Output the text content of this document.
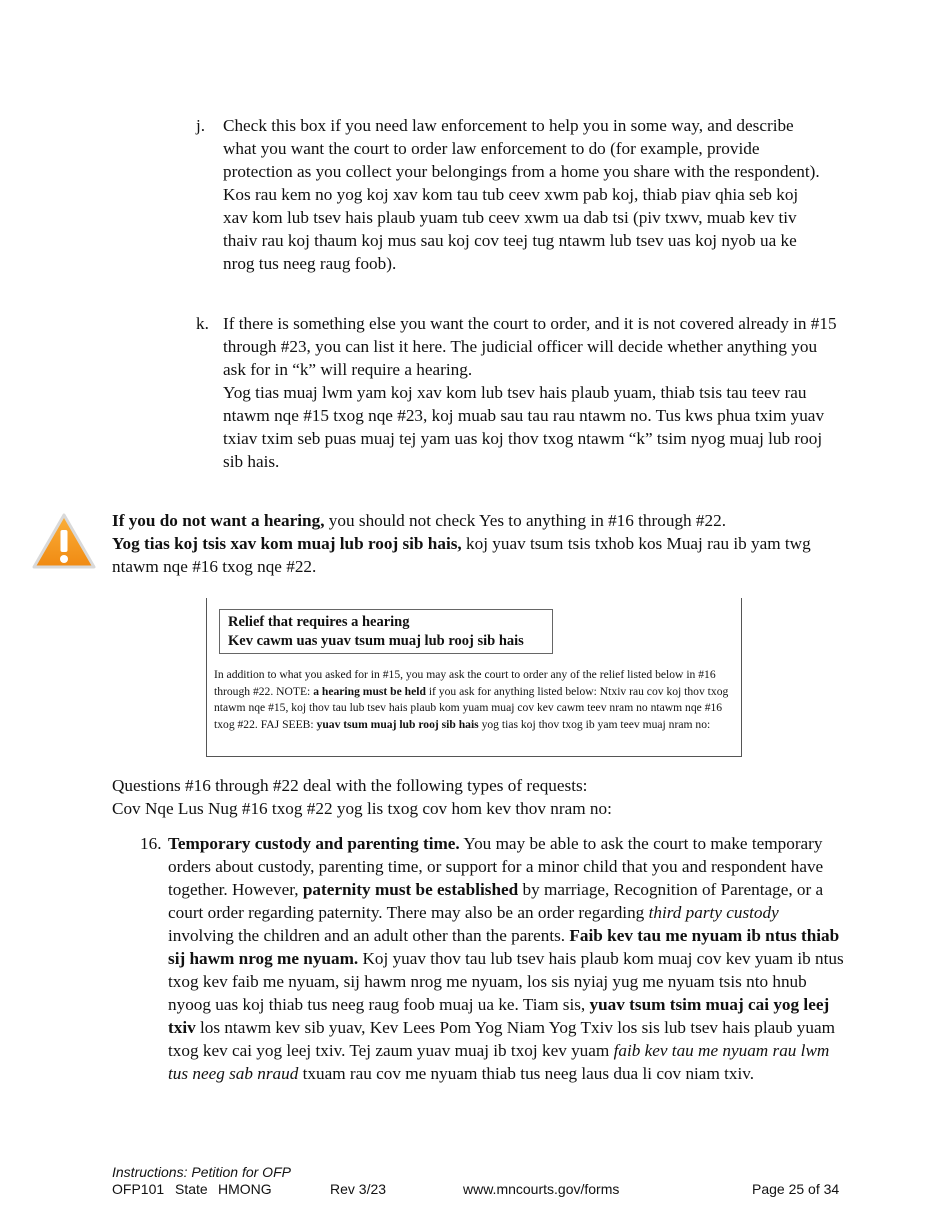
j. Check this box if you need law enforcement to help you in some way, and describe what you want the court to order law enforcement to do (for example, provide protection as you collect your belongings from a home you share with the respondent).

Kos rau kem no yog koj xav kom tau tub ceev xwm pab koj, thiab piav qhia seb koj xav kom lub tsev hais plaub yuam tub ceev xwm ua dab tsi (piv txwv, muab kev tiv thaiv rau koj thaum koj mus sau koj cov teej tug ntawm lub tsev uas koj nyob ua ke nrog tus neeg raug foob).

k. If there is something else you want the court to order, and it is not covered already in #15 through #23, you can list it here. The judicial officer will decide whether anything you ask for in “k” will require a hearing.

Yog tias muaj lwm yam koj xav kom lub tsev hais plaub yuam, thiab tsis tau teev rau ntawm nqe #15 txog nqe #23, koj muab sau tau rau ntawm no. Tus kws phua txim yuav txiav txim seb puas muaj tej yam uas koj thov txog ntawm “k” tsim nyog muaj lub rooj sib hais.

If you do not want a hearing, you should not check Yes to anything in #16 through #22.

Yog tias koj tsis xav kom muaj lub rooj sib hais, koj yuav tsum tsis txhob kos Muaj rau ib yam twg ntawm nqe #16 txog nqe #22.

Relief that requires a hearing
Kev cawm uas yuav tsum muaj lub rooj sib hais
In addition to what you asked for in #15, you may ask the court to order any of the relief listed below in #16 through #22. NOTE: a hearing must be held if you ask for anything listed below: Ntxiv rau cov koj thov txog ntawm nqe #15, koj thov tau lub tsev hais plaub kom yuam muaj cov kev cawm teev nram no ntawm nqe #16 txog #22. FAJ SEEB: yuav tsum muaj lub rooj sib hais yog tias koj thov txog ib yam teev muaj nram no:

Questions #16 through #22 deal with the following types of requests:

Cov Nqe Lus Nug #16 txog #22 yog lis txog cov hom kev thov nram no:

16. Temporary custody and parenting time. You may be able to ask the court to make temporary orders about custody, parenting time, or support for a minor child that you and respondent have together. However, paternity must be established by marriage, Recognition of Parentage, or a court order regarding paternity. There may also be an order regarding third party custody involving the children and an adult other than the parents. Faib kev tau me nyuam ib ntus thiab sij hawm nrog me nyuam. Koj yuav thov tau lub tsev hais plaub kom muaj cov kev yuam ib ntus txog kev faib me nyuam, sij hawm nrog me nyuam, los sis nyiaj yug me nyuam tsis nto hnub nyoog uas koj thiab tus neeg raug foob muaj ua ke. Tiam sis, yuav tsum tsim muaj cai yog leej txiv los ntawm kev sib yuav, Kev Lees Pom Yog Niam Yog Txiv los sis lub tsev hais plaub yuam txog kev cai yog leej txiv. Tej zaum yuav muaj ib txoj kev yuam faib kev tau me nyuam rau lwm tus neeg sab nraud txuam rau cov me nyuam thiab tus neeg laus dua li cov niam txiv.

Instructions: Petition for OFP
OFP101 State HMONG	Rev 3/23	www.mncourts.gov/forms	Page 25 of 34
